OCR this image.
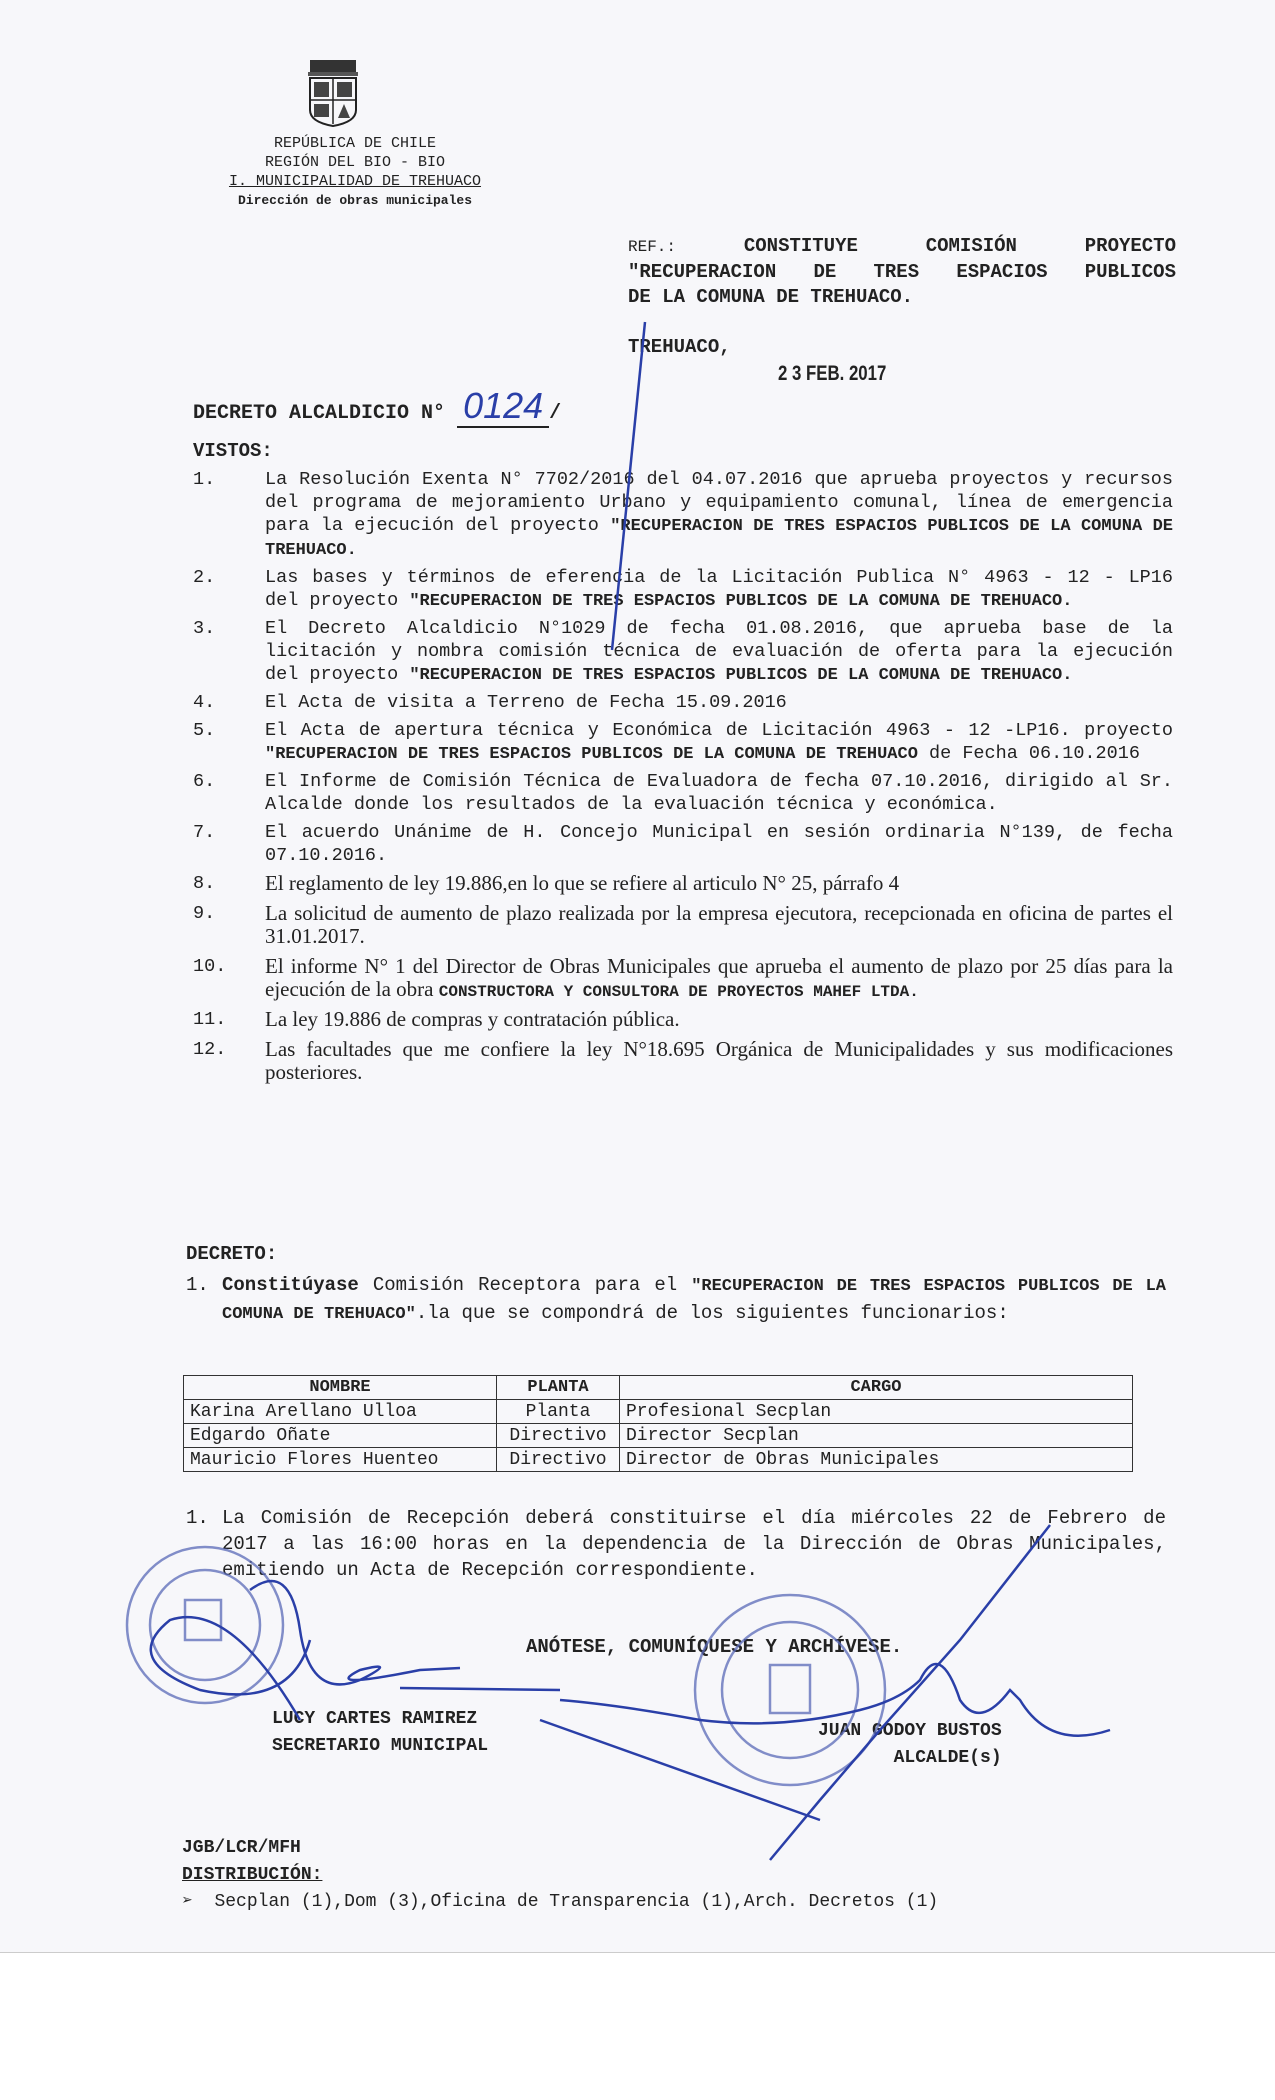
REPÚBLICA DE CHILE
REGIÓN DEL BIO - BIO
I. MUNICIPALIDAD DE TREHUACO
Dirección de obras municipales
REF.:	CONSTITUYE COMISIÓN PROYECTO
"RECUPERACION DE TRES ESPACIOS PUBLICOS
DE LA COMUNA DE TREHUACO.
TREHUACO,
2 3 FEB. 2017
DECRETO ALCALDICIO N° 0124 /
VISTOS:
1.	La Resolución Exenta N° 7702/2016 del 04.07.2016 que aprueba proyectos y recursos del programa de mejoramiento Urbano y equipamiento comunal, línea de emergencia para la ejecución del proyecto "RECUPERACION DE TRES ESPACIOS PUBLICOS DE LA COMUNA DE TREHUACO.
2.	Las bases y términos de eferencia de la Licitación Publica N° 4963 - 12 - LP16 del proyecto "RECUPERACION DE TRES ESPACIOS PUBLICOS DE LA COMUNA DE TREHUACO.
3.	El Decreto Alcaldicio N°1029 de fecha 01.08.2016, que aprueba base de la licitación y nombra comisión técnica de evaluación de oferta para la ejecución del proyecto "RECUPERACION DE TRES ESPACIOS PUBLICOS DE LA COMUNA DE TREHUACO.
4.	El Acta de visita a Terreno de Fecha 15.09.2016
5.	El Acta de apertura técnica y Económica de Licitación 4963 - 12 -LP16. proyecto "RECUPERACION DE TRES ESPACIOS PUBLICOS DE LA COMUNA DE TREHUACO de Fecha 06.10.2016
6.	El Informe de Comisión Técnica de Evaluadora de fecha 07.10.2016, dirigido al Sr. Alcalde donde los resultados de la evaluación técnica y económica.
7.	El acuerdo Unánime de H. Concejo Municipal en sesión ordinaria N°139, de fecha 07.10.2016.
8.	El reglamento de ley 19.886,en lo que se refiere al articulo N° 25, párrafo 4
9.	La solicitud de aumento de plazo realizada por la empresa ejecutora, recepcionada en oficina de partes el 31.01.2017.
10.	El informe N° 1 del Director de Obras Municipales que aprueba el aumento de plazo por 25 días para la ejecución de la obra CONSTRUCTORA Y CONSULTORA DE PROYECTOS MAHEF LTDA.
11.	La ley 19.886 de compras y contratación pública.
12.	Las facultades que me confiere la ley N°18.695 Orgánica de Municipalidades y sus modificaciones posteriores.
DECRETO:
1. Constitúyase Comisión Receptora para el "RECUPERACION DE TRES ESPACIOS PUBLICOS DE LA COMUNA DE TREHUACO".la que se compondrá de los siguientes funcionarios:
NOMBRE	PLANTA	CARGO
Karina Arellano Ulloa	Planta	Profesional Secplan
Edgardo Oñate	Directivo	Director Secplan
Mauricio Flores Huenteo	Directivo	Director de Obras Municipales
1. La Comisión de Recepción deberá constituirse el día miércoles 22 de Febrero de 2017 a las 16:00 horas en la dependencia de la Dirección de Obras Municipales, emitiendo un Acta de Recepción correspondiente.
ANÓTESE, COMUNÍQUESE Y ARCHÍVESE.
LUCY CARTES RAMIREZ
SECRETARIO MUNICIPAL
JUAN GODOY BUSTOS
ALCALDE(s)
JGB/LCR/MFH
DISTRIBUCIÓN:
➢  Secplan (1),Dom (3),Oficina de Transparencia (1),Arch. Decretos (1)
